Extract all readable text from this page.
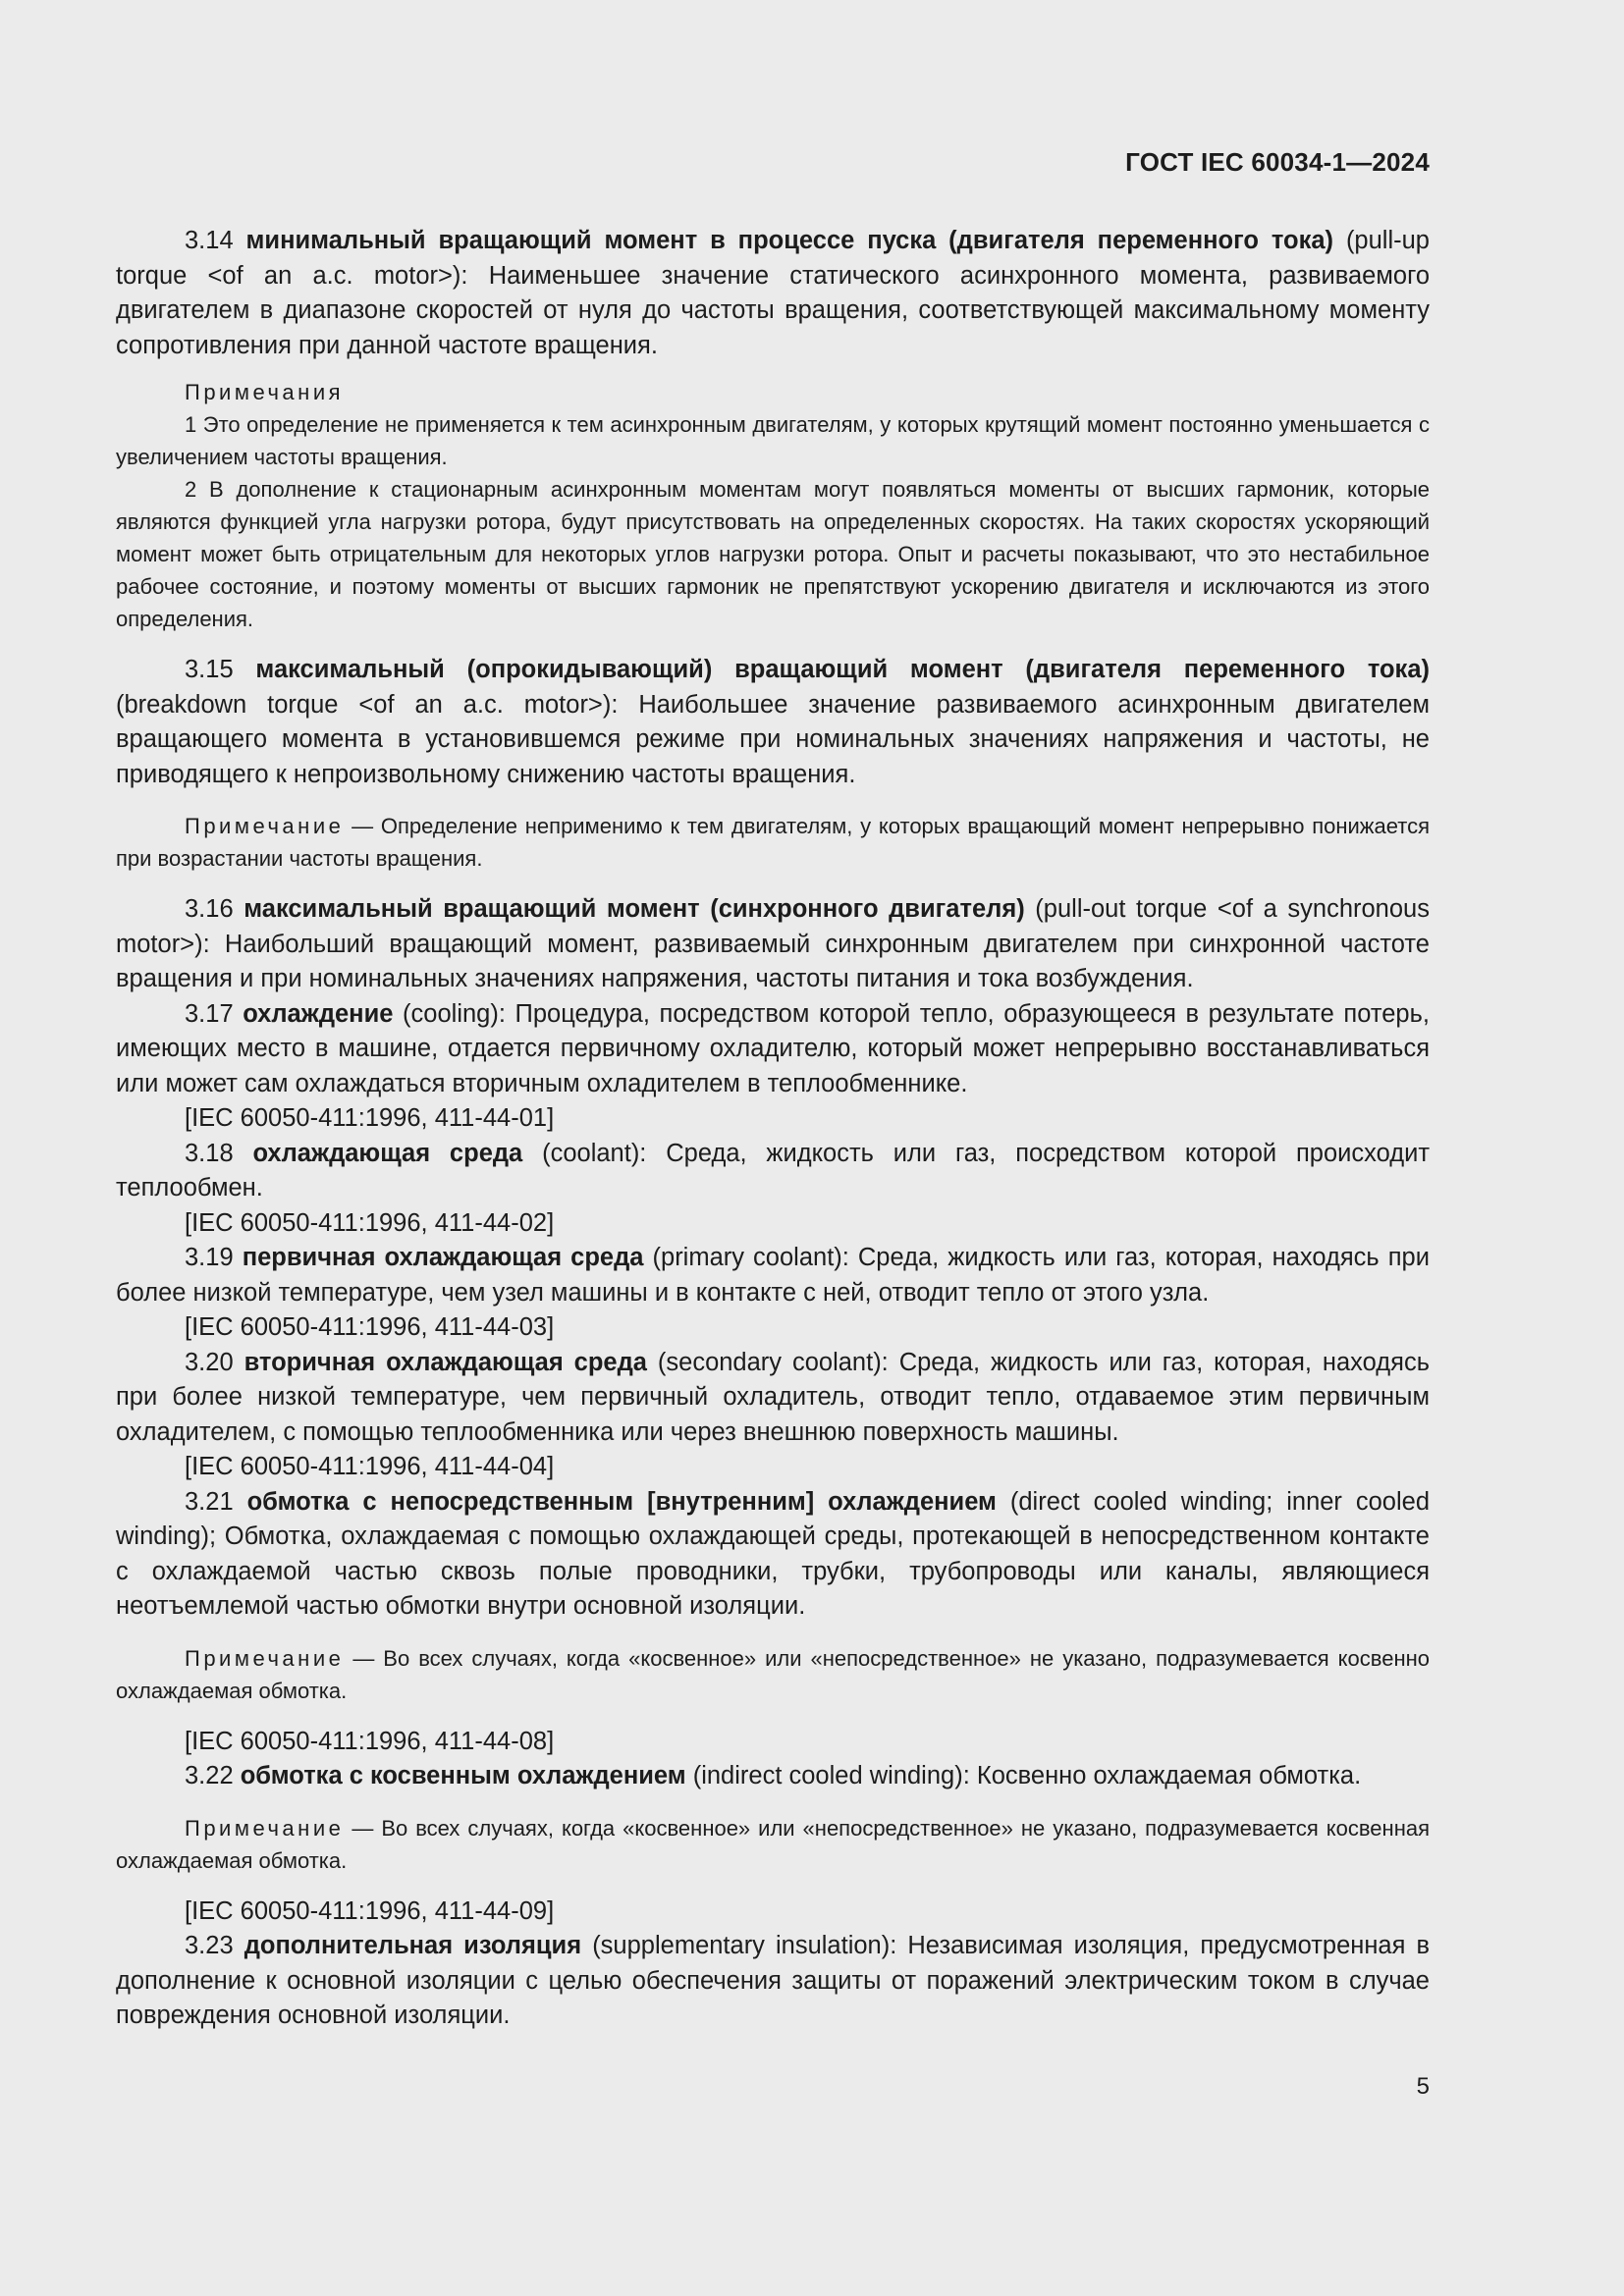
ГОСТ IEC 60034-1—2024

3.14 минимальный вращающий момент в процессе пуска (двигателя переменного тока) (pull-up torque <of an a.c. motor>): Наименьшее значение статического асинхронного момента, развиваемого двигателем в диапазоне скоростей от нуля до частоты вращения, соответствующей максимальному моменту сопротивления при данной частоте вращения.

Примечания

1 Это определение не применяется к тем асинхронным двигателям, у которых крутящий момент постоянно уменьшается с увеличением частоты вращения.

2 В дополнение к стационарным асинхронным моментам могут появляться моменты от высших гармоник, которые являются функцией угла нагрузки ротора, будут присутствовать на определенных скоростях. На таких скоростях ускоряющий момент может быть отрицательным для некоторых углов нагрузки ротора. Опыт и расчеты показывают, что это нестабильное рабочее состояние, и поэтому моменты от высших гармоник не препятствуют ускорению двигателя и исключаются из этого определения.

3.15 максимальный (опрокидывающий) вращающий момент (двигателя переменного тока) (breakdown torque <of an a.c. motor>): Наибольшее значение развиваемого асинхронным двигателем вращающего момента в установившемся режиме при номинальных значениях напряжения и частоты, не приводящего к непроизвольному снижению частоты вращения.

Примечание — Определение неприменимо к тем двигателям, у которых вращающий момент непрерывно понижается при возрастании частоты вращения.

3.16 максимальный вращающий момент (синхронного двигателя) (pull-out torque <of a synchronous motor>): Наибольший вращающий момент, развиваемый синхронным двигателем при синхронной частоте вращения и при номинальных значениях напряжения, частоты питания и тока возбуждения.

3.17 охлаждение (cooling): Процедура, посредством которой тепло, образующееся в результате потерь, имеющих место в машине, отдается первичному охладителю, который может непрерывно восстанавливаться или может сам охлаждаться вторичным охладителем в теплообменнике.

[IEC 60050-411:1996, 411-44-01]

3.18 охлаждающая среда (coolant): Среда, жидкость или газ, посредством которой происходит теплообмен.

[IEC 60050-411:1996, 411-44-02]

3.19 первичная охлаждающая среда (primary coolant): Среда, жидкость или газ, которая, находясь при более низкой температуре, чем узел машины и в контакте с ней, отводит тепло от этого узла.

[IEC 60050-411:1996, 411-44-03]

3.20 вторичная охлаждающая среда (secondary coolant): Среда, жидкость или газ, которая, находясь при более низкой температуре, чем первичный охладитель, отводит тепло, отдаваемое этим первичным охладителем, с помощью теплообменника или через внешнюю поверхность машины.

[IEC 60050-411:1996, 411-44-04]

3.21 обмотка с непосредственным [внутренним] охлаждением (direct cooled winding; inner cooled winding); Обмотка, охлаждаемая с помощью охлаждающей среды, протекающей в непосредственном контакте с охлаждаемой частью сквозь полые проводники, трубки, трубопроводы или каналы, являющиеся неотъемлемой частью обмотки внутри основной изоляции.

Примечание — Во всех случаях, когда «косвенное» или «непосредственное» не указано, подразумевается косвенно охлаждаемая обмотка.

[IEC 60050-411:1996, 411-44-08]

3.22 обмотка с косвенным охлаждением (indirect cooled winding): Косвенно охлаждаемая обмотка.

Примечание — Во всех случаях, когда «косвенное» или «непосредственное» не указано, подразумевается косвенная охлаждаемая обмотка.

[IEC 60050-411:1996, 411-44-09]

3.23 дополнительная изоляция (supplementary insulation): Независимая изоляция, предусмотренная в дополнение к основной изоляции с целью обеспечения защиты от поражений электрическим током в случае повреждения основной изоляции.

5
